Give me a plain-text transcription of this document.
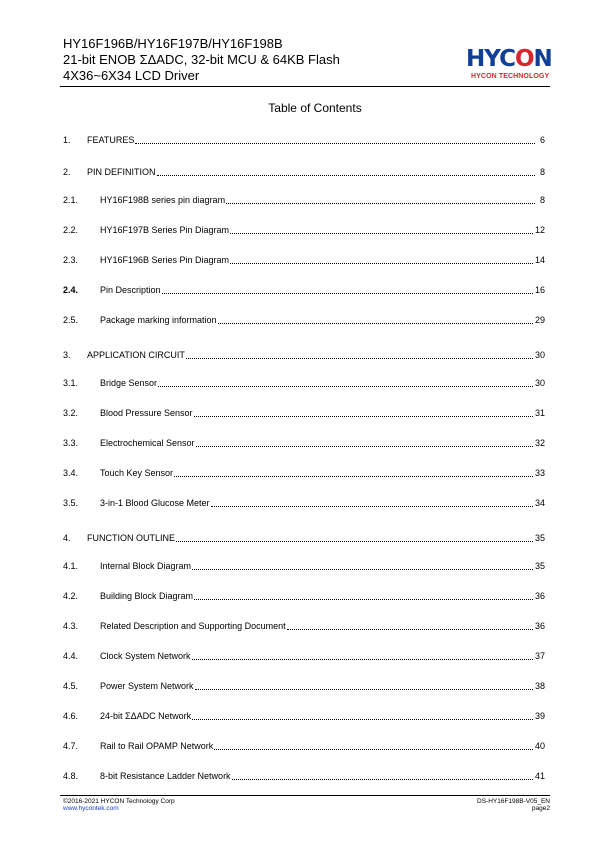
HY16F196B/HY16F197B/HY16F198B
21-bit ENOB ΣΔADC, 32-bit MCU & 64KB Flash
4X36~6X34 LCD Driver
HYCON
HYCON TECHNOLOGY
Table of Contents
1.	FEATURES	6
2.	PIN DEFINITION	8
2.1.	HY16F198B series pin diagram	8
2.2.	HY16F197B Series Pin Diagram	12
2.3.	HY16F196B Series Pin Diagram	14
2.4.	Pin Description	16
2.5.	Package marking information	29
3.	APPLICATION CIRCUIT	30
3.1.	Bridge Sensor	30
3.2.	Blood Pressure Sensor	31
3.3.	Electrochemical Sensor	32
3.4.	Touch Key Sensor	33
3.5.	3-in-1 Blood Glucose Meter	34
4.	FUNCTION OUTLINE	35
4.1.	Internal Block Diagram	35
4.2.	Building Block Diagram	36
4.3.	Related Description and Supporting Document	36
4.4.	Clock System Network	37
4.5.	Power System Network	38
4.6.	24-bit ΣΔADC Network	39
4.7.	Rail to Rail OPAMP Network	40
4.8.	8-bit Resistance Ladder Network	41
©2016-2021 HYCON Technology Corp
www.hycontek.com
DS-HY16F198B-V05_EN
page2
